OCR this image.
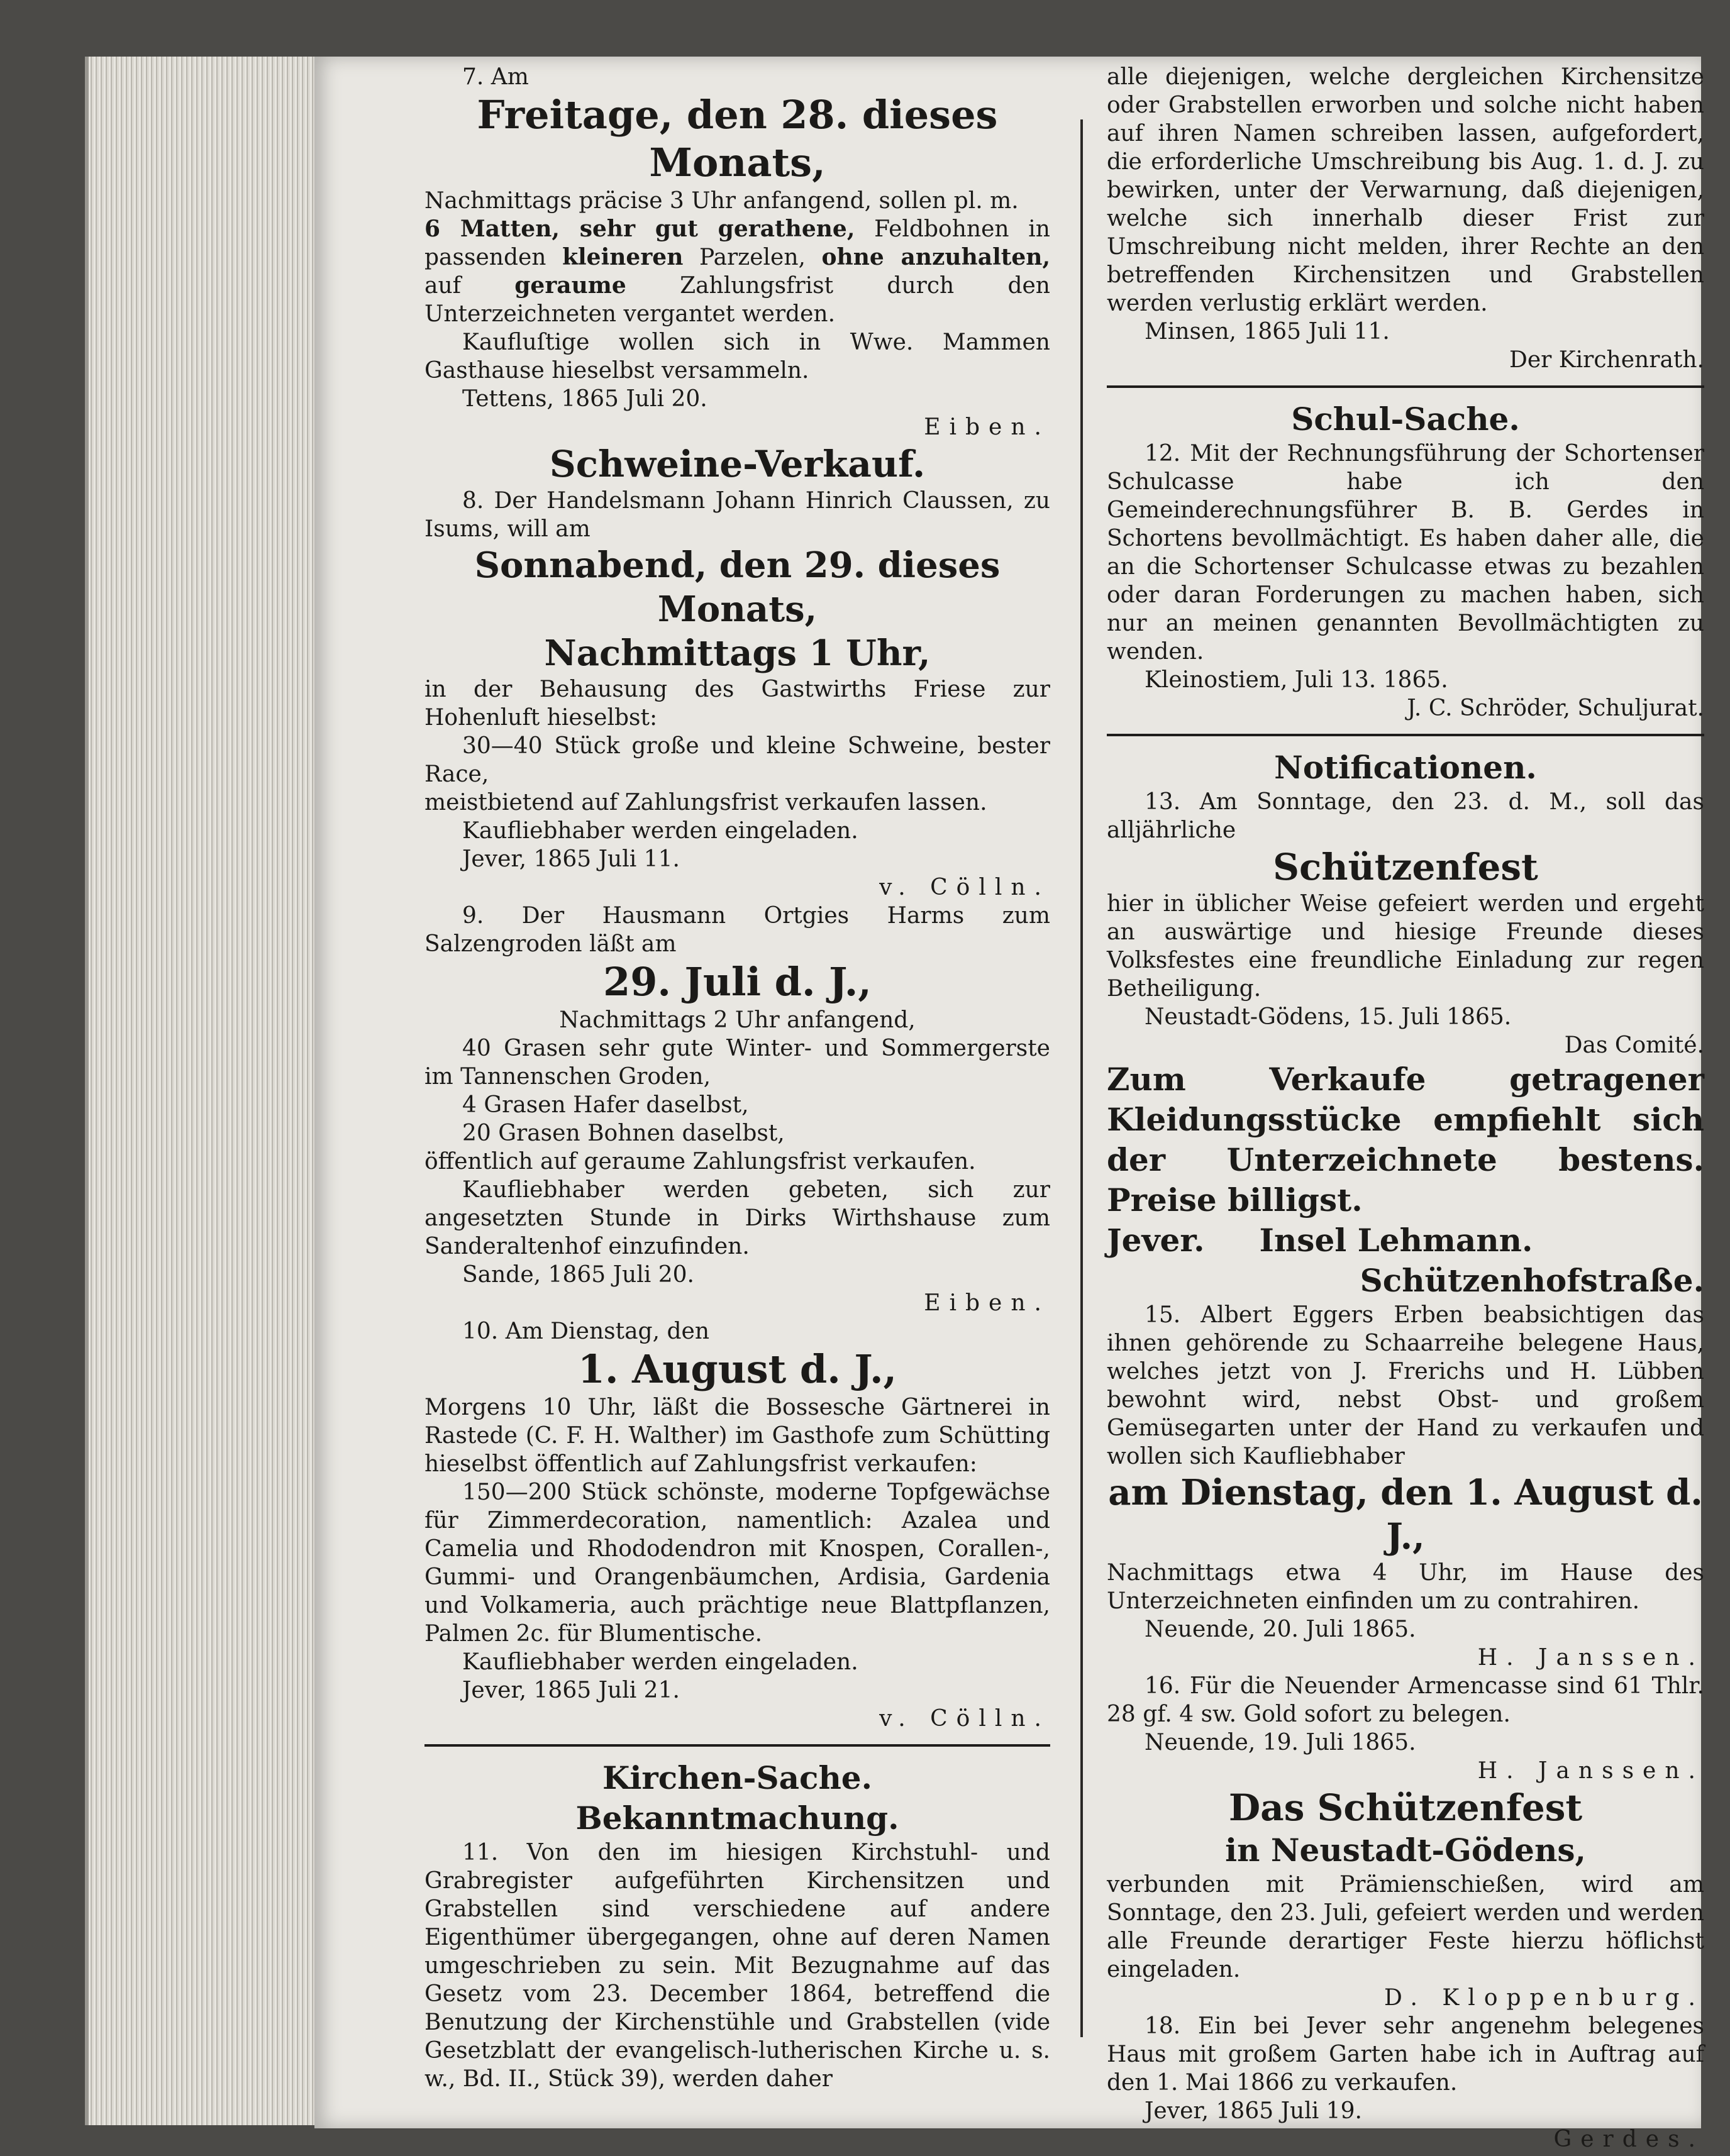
7. Am

Freitage, den 28. dieses Monats,

Nachmittags präcise 3 Uhr anfangend, sollen pl. m.

6 Matten, sehr gut gerathene, Feldbohnen in passenden kleineren Parzelen, ohne anzuhalten, auf geraume Zahlungsfrist durch den Unterzeichneten vergantet werden.

Kaufluſtige wollen sich in Wwe. Mammen Gasthause hieselbst versammeln.

Tettens, 1865 Juli 20.

Eiben.

Schweine-Verkauf.

8. Der Handelsmann Johann Hinrich Claussen, zu Isums, will am

Sonnabend, den 29. dieses Monats,

Nachmittags 1 Uhr,

in der Behausung des Gastwirths Friese zur Hohenluft hieselbst:

30—40 Stück große und kleine Schweine, bester Race,

meistbietend auf Zahlungsfrist verkaufen lassen.

Kaufliebhaber werden eingeladen.

Jever, 1865 Juli 11.

v. Cölln.

9. Der Hausmann Ortgies Harms zum Salzengroden läßt am

29. Juli d. J.,

Nachmittags 2 Uhr anfangend,

40 Grasen sehr gute Winter- und Sommergerste im Tannenschen Groden,

4 Grasen Hafer daselbst,

20 Grasen Bohnen daselbst,

öffentlich auf geraume Zahlungsfrist verkaufen.

Kaufliebhaber werden gebeten, sich zur angesetzten Stunde in Dirks Wirthshause zum Sanderaltenhof einzufinden.

Sande, 1865 Juli 20.

Eiben.

10. Am Dienstag, den

1. August d. J.,

Morgens 10 Uhr, läßt die Bossesche Gärtnerei in Rastede (C. F. H. Walther) im Gasthofe zum Schütting hieselbst öffentlich auf Zahlungsfrist verkaufen:

150—200 Stück schönste, moderne Topfgewächse für Zimmerdecoration, namentlich: Azalea und Camelia und Rhododendron mit Knospen, Corallen-, Gummi- und Orangenbäumchen, Ardisia, Gardenia und Volkameria, auch prächtige neue Blattpflanzen, Palmen 2c. für Blumentische.

Kaufliebhaber werden eingeladen.

Jever, 1865 Juli 21.

v. Cölln.

Kirchen-Sache.

Bekanntmachung.

11. Von den im hiesigen Kirchstuhl- und Grabregister aufgeführten Kirchensitzen und Grabstellen sind verschiedene auf andere Eigenthümer übergegangen, ohne auf deren Namen umgeschrieben zu sein. Mit Bezugnahme auf das Gesetz vom 23. December 1864, betreffend die Benutzung der Kirchenstühle und Grabstellen (vide Gesetzblatt der evangelisch-lutherischen Kirche u. s. w., Bd. II., Stück 39), werden daher

alle diejenigen, welche dergleichen Kirchensitze oder Grabstellen erworben und solche nicht haben auf ihren Namen schreiben lassen, aufgefordert, die erforderliche Umschreibung bis Aug. 1. d. J. zu bewirken, unter der Verwarnung, daß diejenigen, welche sich innerhalb dieser Frist zur Umschreibung nicht melden, ihrer Rechte an den betreffenden Kirchensitzen und Grabstellen werden verlustig erklärt werden.

Minsen, 1865 Juli 11.

Der Kirchenrath.

Schul-Sache.

12. Mit der Rechnungsführung der Schortenser Schulcasse habe ich den Gemeinderechnungsführer B. B. Gerdes in Schortens bevollmächtigt. Es haben daher alle, die an die Schortenser Schulcasse etwas zu bezahlen oder daran Forderungen zu machen haben, sich nur an meinen genannten Bevollmächtigten zu wenden.

Kleinostiem, Juli 13. 1865.

J. C. Schröder, Schuljurat.

Notificationen.

13. Am Sonntage, den 23. d. M., soll das alljährliche

Schützenfest

hier in üblicher Weise gefeiert werden und ergeht an auswärtige und hiesige Freunde dieses Volksfestes eine freundliche Einladung zur regen Betheiligung.

Neustadt-Gödens, 15. Juli 1865.

Das Comité.

Zum Verkaufe getragener Kleidungsstücke empfiehlt sich der Unterzeichnete bestens. Preise billigst.

Jever. Insel Lehmann.

Schützenhofstraße.

15. Albert Eggers Erben beabsichtigen das ihnen gehörende zu Schaarreihe belegene Haus, welches jetzt von J. Frerichs und H. Lübben bewohnt wird, nebst Obst- und großem Gemüsegarten unter der Hand zu verkaufen und wollen sich Kaufliebhaber

am Dienstag, den 1. August d. J.,

Nachmittags etwa 4 Uhr, im Hause des Unterzeichneten einfinden um zu contrahiren.

Neuende, 20. Juli 1865.

H. Janssen.

16. Für die Neuender Armencasse sind 61 Thlr. 28 gf. 4 sw. Gold sofort zu belegen.

Neuende, 19. Juli 1865.

H. Janssen.

Das Schützenfest

in Neustadt-Gödens,

verbunden mit Prämienschießen, wird am Sonntage, den 23. Juli, gefeiert werden und werden alle Freunde derartiger Feste hierzu höflichst eingeladen.

D. Kloppenburg.

18. Ein bei Jever sehr angenehm belegenes Haus mit großem Garten habe ich in Auftrag auf den 1. Mai 1866 zu verkaufen.

Jever, 1865 Juli 19.

Gerdes.
